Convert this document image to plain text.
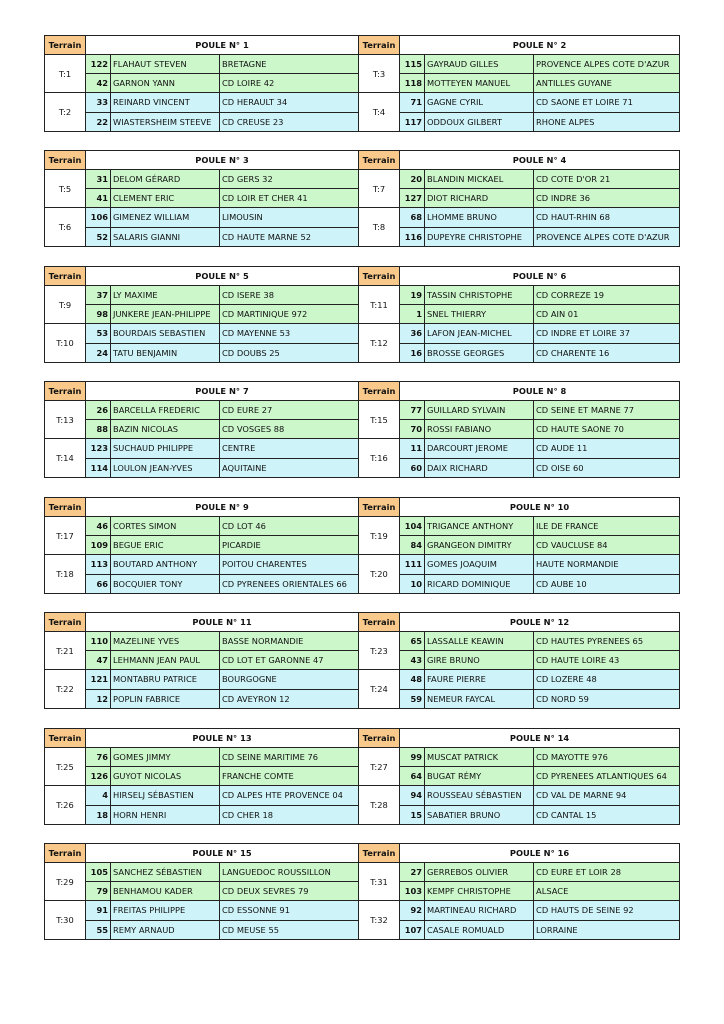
Terrain	POULE N° 1			Terrain	POULE N° 2		
T:1	122	FLAHAUT STEVEN	BRETAGNE	T:3	115	GAYRAUD GILLES	PROVENCE ALPES COTE D'AZUR
	42	GARNON YANN	CD LOIRE 42		118	MOTTEYEN MANUEL	ANTILLES GUYANE
T:2	33	REINARD VINCENT	CD HERAULT 34	T:4	71	GAGNE CYRIL	CD SAONE ET LOIRE 71
	22	WIASTERSHEIM STEEVE	CD CREUSE 23		117	ODDOUX GILBERT	RHONE ALPES
Terrain	POULE N° 3			Terrain	POULE N° 4		
T:5	31	DELOM GÉRARD	CD GERS 32	T:7	20	BLANDIN MICKAEL	CD COTE D'OR 21
	41	CLEMENT ERIC	CD LOIR ET CHER 41		127	DIOT RICHARD	CD INDRE 36
T:6	106	GIMENEZ WILLIAM	LIMOUSIN	T:8	68	LHOMME BRUNO	CD HAUT-RHIN 68
	52	SALARIS GIANNI	CD HAUTE MARNE 52		116	DUPEYRE CHRISTOPHE	PROVENCE ALPES COTE D'AZUR
Terrain	POULE N° 5			Terrain	POULE N° 6		
T:9	37	LY MAXIME	CD ISERE 38	T:11	19	TASSIN CHRISTOPHE	CD CORREZE 19
	98	JUNKERE JEAN-PHILIPPE	CD MARTINIQUE 972		1	SNEL THIERRY	CD AIN 01
T:10	53	BOURDAIS SEBASTIEN	CD MAYENNE 53	T:12	36	LAFON JEAN-MICHEL	CD INDRE ET LOIRE 37
	24	TATU BENJAMIN	CD DOUBS 25		16	BROSSE GEORGES	CD CHARENTE 16
Terrain	POULE N° 7			Terrain	POULE N° 8		
T:13	26	BARCELLA FREDERIC	CD EURE 27	T:15	77	GUILLARD SYLVAIN	CD SEINE ET MARNE 77
	88	BAZIN NICOLAS	CD VOSGES 88		70	ROSSI FABIANO	CD HAUTE SAONE 70
T:14	123	SUCHAUD PHILIPPE	CENTRE	T:16	11	DARCOURT JEROME	CD AUDE 11
	114	LOULON JEAN-YVES	AQUITAINE		60	DAIX RICHARD	CD OISE 60
Terrain	POULE N° 9			Terrain	POULE N° 10		
T:17	46	CORTES SIMON	CD LOT 46	T:19	104	TRIGANCE ANTHONY	ILE DE FRANCE
	109	BEGUE ERIC	PICARDIE		84	GRANGEON DIMITRY	CD VAUCLUSE 84
T:18	113	BOUTARD ANTHONY	POITOU CHARENTES	T:20	111	GOMES JOAQUIM	HAUTE NORMANDIE
	66	BOCQUIER TONY	CD PYRENEES ORIENTALES 66		10	RICARD DOMINIQUE	CD AUBE 10
Terrain	POULE N° 11			Terrain	POULE N° 12		
T:21	110	MAZELINE YVES	BASSE NORMANDIE	T:23	65	LASSALLE KEAWIN	CD HAUTES PYRENEES 65
	47	LEHMANN JEAN PAUL	CD LOT ET GARONNE 47		43	GIRE BRUNO	CD HAUTE LOIRE 43
T:22	121	MONTABRU PATRICE	BOURGOGNE	T:24	48	FAURE PIERRE	CD LOZERE 48
	12	POPLIN FABRICE	CD AVEYRON 12		59	NEMEUR FAYCAL	CD NORD 59
Terrain	POULE N° 13			Terrain	POULE N° 14		
T:25	76	GOMES JIMMY	CD SEINE MARITIME 76	T:27	99	MUSCAT PATRICK	CD MAYOTTE 976
	126	GUYOT NICOLAS	FRANCHE COMTE		64	BUGAT RÉMY	CD PYRENEES ATLANTIQUES 64
T:26	4	HIRSELJ SÉBASTIEN	CD ALPES HTE PROVENCE 04	T:28	94	ROUSSEAU SÉBASTIEN	CD VAL DE MARNE 94
	18	HORN HENRI	CD CHER 18		15	SABATIER BRUNO	CD CANTAL 15
Terrain	POULE N° 15			Terrain	POULE N° 16		
T:29	105	SANCHEZ SÉBASTIEN	LANGUEDOC ROUSSILLON	T:31	27	GERREBOS OLIVIER	CD EURE ET LOIR 28
	79	BENHAMOU KADER	CD DEUX SEVRES 79		103	KEMPF CHRISTOPHE	ALSACE
T:30	91	FREITAS PHILIPPE	CD ESSONNE 91	T:32	92	MARTINEAU RICHARD	CD HAUTS DE SEINE 92
	55	REMY ARNAUD	CD MEUSE 55		107	CASALE ROMUALD	LORRAINE
